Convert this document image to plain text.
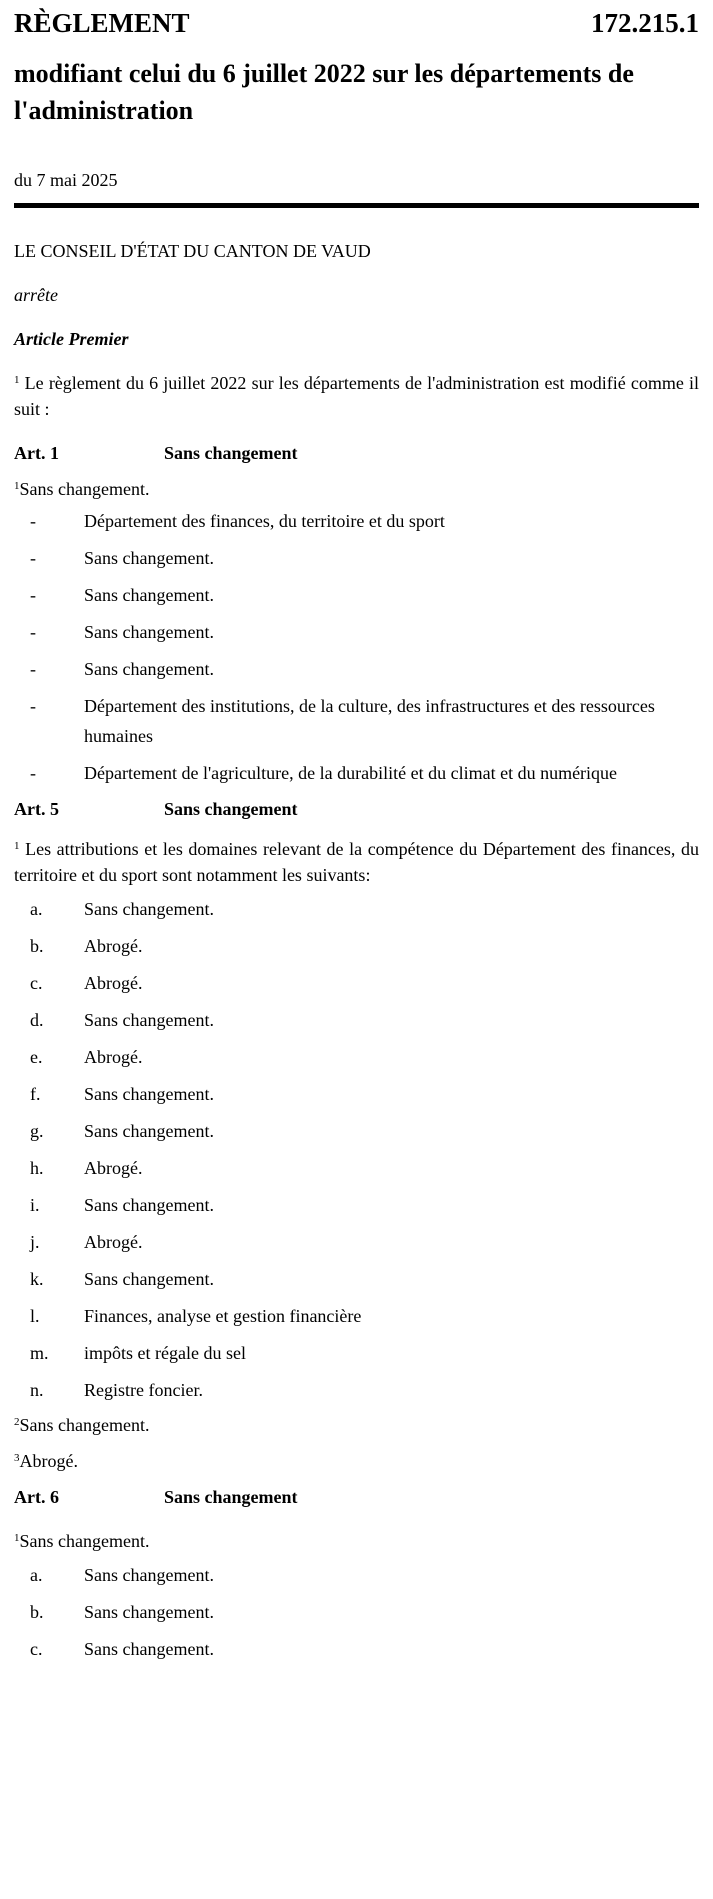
RÈGLEMENT	172.215.1
modifiant celui du 6 juillet 2022 sur les départements de l'administration
du 7 mai 2025
LE CONSEIL D'ÉTAT DU CANTON DE VAUD
arrête
Article Premier
$^1$ Le règlement du 6 juillet 2022 sur les départements de l'administration est modifié comme il suit :
Art. 1	Sans changement
$^1$Sans changement.
-	Département des finances, du territoire et du sport
-	Sans changement.
-	Sans changement.
-	Sans changement.
-	Sans changement.
-	Département des institutions, de la culture, des infrastructures et des ressources humaines
-	Département de l'agriculture, de la durabilité et du climat et du numérique
Art. 5	Sans changement
$^1$ Les attributions et les domaines relevant de la compétence du Département des finances, du territoire et du sport sont notamment les suivants:
a.	Sans changement.
b.	Abrogé.
c.	Abrogé.
d.	Sans changement.
e.	Abrogé.
f.	Sans changement.
g.	Sans changement.
h.	Abrogé.
i.	Sans changement.
j.	Abrogé.
k.	Sans changement.
l.	Finances, analyse et gestion financière
m.	impôts et régale du sel
n.	Registre foncier.
$^2$Sans changement.
$^3$Abrogé.
Art. 6	Sans changement
$^1$Sans changement.
a.	Sans changement.
b.	Sans changement.
c.	Sans changement.
